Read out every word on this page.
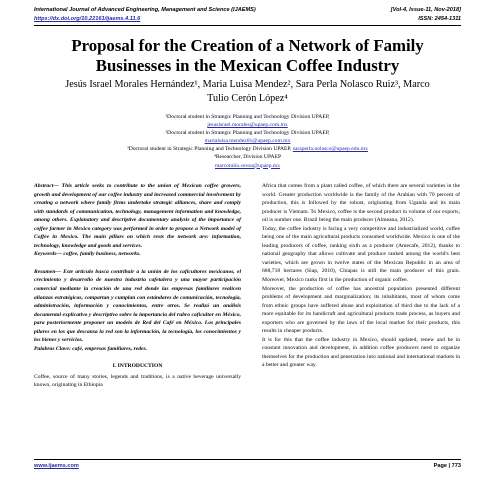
International Journal of Advanced Engineering, Management and Science (IJAEMS)	[Vol-4, Issue-11, Nov-2018]
https://dx.doi.org/10.22161/ijaems.4.11.6	ISSN: 2454-1311
Proposal for the Creation of a Network of Family Businesses in the Mexican Coffee Industry
Jesús Israel Morales Hernández¹, Maria Luisa Mendez², Sara Perla Nolasco Ruiz³, Marco Tulio Cerón López⁴
¹Doctoral student in Strategic Planning and Technology Division UPAEP,
jesusisrael.morales@upaep.com.mx
²Doctoral student in Strategic Planning and Technology Division UPAEP,
marialuisa.mendez01@upaep.com.mx
³Doctoral student in Strategic Planning and Technology Division UPAEP, saraperla.nolasco@upaep.edu.mx
⁴Researcher, Division UPAEP
marcotulio.ceron@upaep.mx

Abstract— This article seeks to contribute to the union of Mexican coffee growers, growth and development of our coffee industry and increased commercial involvement by creating a network where family firms undertake strategic alliances, share and comply with standards of communication, technology, management information and knowledge, among others. Explanatory and descriptive documentary analysis of the importance of coffee farmer in Mexico category was performed in order to propose a Network model of Coffee in Mexico. The main pillars on which rests the network are: information, technology, knowledge and goods and services.

Keywords— coffee, family business, networks.

Resumen— Este artículo busca contribuir a la unión de los caficultores mexicanos, el crecimiento y desarrollo de nuestra industria cafetalera y una mayor participación comercial mediante la creación de una red donde las empresas familiares realicen alianzas estratégicas, compartan y cumplan con estándares de comunicación, tecnología, administración, información y conocimientos, entre otros. Se realizó un análisis documental explicativo y descriptivo sobre la importancia del rubro caficultor en México, para posteriormente proponer un modelo de Red del Café en México. Los principales pilares en los que descansa la red son la información, la tecnología, los conocimientos y los bienes y servicios.

Palabras Clave: café, empresas familiares, redes.

I. INTRODUCTION

Coffee, source of many stories, legends and traditions, is a native beverage universally known, originating in Ethiopia

Africa that comes from a plant called coffee, of which there are several varieties in the world. Greater production worldwide is the family of the Arabian with 70 percent of production, this is followed by the robust, originating from Uganda and its main producer is Vietnam. To Mexico, coffee is the second product in volume of our exports, oil is number one. Brazil being the main producer (Almeana, 2012).

Today, the coffee industry is facing a very competitive and industrialized world, coffee being one of the main agricultural products consumed worldwide. Mexico is one of the leading producers of coffee, ranking sixth as a producer (Amecafe, 2012), thanks to national geography that allows cultivate and produce ranked among the world's best varieties, which are grown in twelve states of the Mexican Republic in an area of 688,718 hectares (Siap, 2010), Chiapas is still the main producer of this grain. Moreover, Mexico ranks first in the production of organic coffee.

Moreover, the production of coffee has ancestral population presented different problems of development and marginalization; its inhabitants, most of whom come from ethnic groups have suffered abuse and exploitation of third due to the lack of a more equitable for its handicraft and agricultural products trade process, as buyers and exporters who are governed by the laws of the local market for their products, this results in cheaper products.

It is for this that the coffee industry in Mexico, should updated, renew and be in constant innovation and development, in addition coffee producers need to organize themselves for the production and penetration into national and international markets in a better and greater way.

www.ijaems.com	Page | 773
